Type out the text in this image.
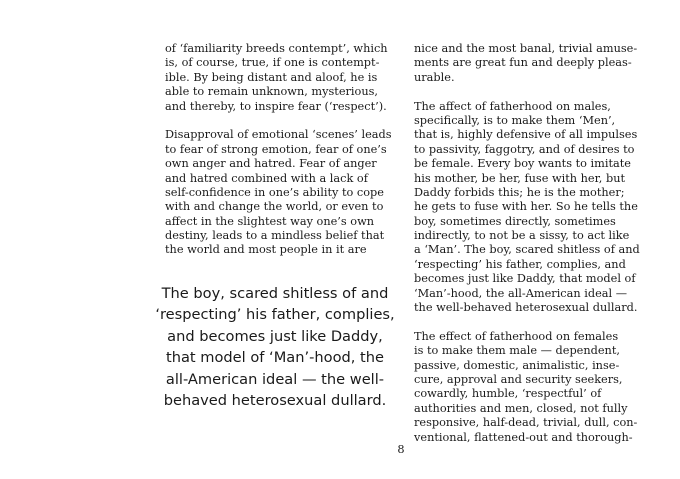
of ‘familiarity breeds contempt’, which
is, of course, true, if one is contempt-
ible. By being distant and aloof, he is
able to remain unknown, mysterious,
and thereby, to inspire fear (‘respect’).

Disapproval of emotional ‘scenes’ leads
to fear of strong emotion, fear of one’s
own anger and hatred. Fear of anger
and hatred combined with a lack of
self-confidence in one’s ability to cope
with and change the world, or even to
affect in the slightest way one’s own
destiny, leads to a mindless belief that
the world and most people in it are

The boy, scared shitless of and
‘respecting’ his father, complies,
and becomes just like Daddy,
that model of ‘Man’-hood, the
all-American ideal — the well-
behaved heterosexual dullard.

nice and the most banal, trivial amuse-
ments are great fun and deeply pleas-
urable.

The affect of fatherhood on males,
specifically, is to make them ‘Men’,
that is, highly defensive of all impulses
to passivity, faggotry, and of desires to
be female. Every boy wants to imitate
his mother, be her, fuse with her, but
Daddy forbids this; he is the mother;
he gets to fuse with her. So he tells the
boy, sometimes directly, sometimes
indirectly, to not be a sissy, to act like
a ‘Man’. The boy, scared shitless of and
‘respecting’ his father, complies, and
becomes just like Daddy, that model of
‘Man’-hood, the all-American ideal —
the well-behaved heterosexual dullard.

The effect of fatherhood on females
is to make them male — dependent,
passive, domestic, animalistic, inse-
cure, approval and security seekers,
cowardly, humble, ‘respectful’ of
authorities and men, closed, not fully
responsive, half-dead, trivial, dull, con-
ventional, flattened-out and thorough-

8
